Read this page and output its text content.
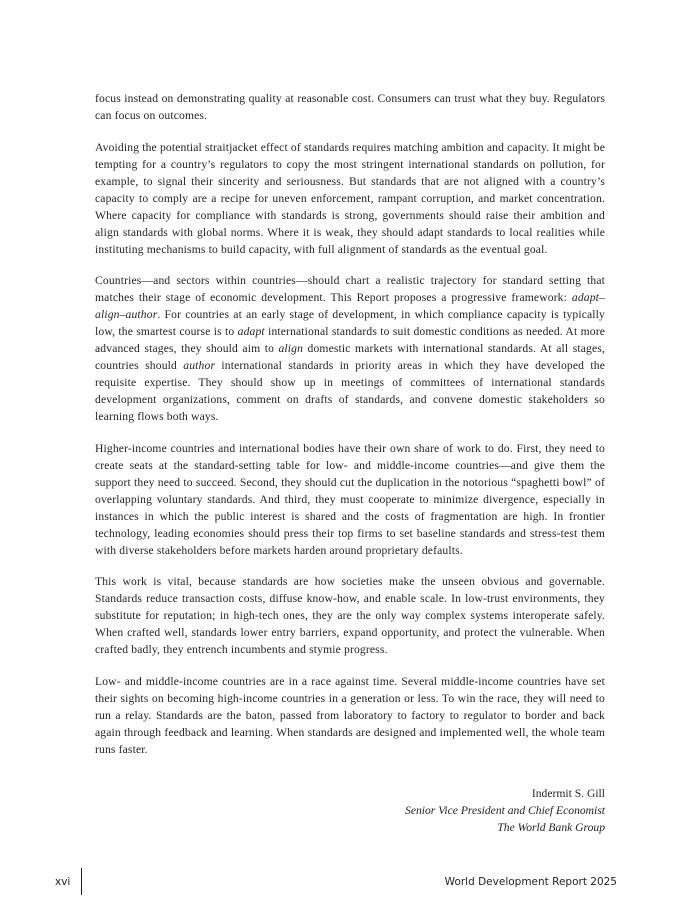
focus instead on demonstrating quality at reasonable cost. Consumers can trust what they buy. Regulators can focus on outcomes.

Avoiding the potential straitjacket effect of standards requires matching ambition and capacity. It might be tempting for a country’s regulators to copy the most stringent international standards on pollution, for example, to signal their sincerity and seriousness. But standards that are not aligned with a country’s capacity to comply are a recipe for uneven enforcement, rampant corruption, and market concentration. Where capacity for compliance with standards is strong, governments should raise their ambition and align standards with global norms. Where it is weak, they should adapt standards to local realities while instituting mechanisms to build capacity, with full alignment of standards as the eventual goal.

Countries—and sectors within countries—should chart a realistic trajectory for standard setting that matches their stage of economic development. This Report proposes a progressive framework: adapt–align–author. For countries at an early stage of development, in which compliance capacity is typically low, the smartest course is to adapt international standards to suit domestic conditions as needed. At more advanced stages, they should aim to align domestic markets with international standards. At all stages, countries should author international standards in priority areas in which they have developed the requisite expertise. They should show up in meetings of committees of international standards development organizations, comment on drafts of standards, and convene domestic stakeholders so learning flows both ways.

Higher-income countries and international bodies have their own share of work to do. First, they need to create seats at the standard-setting table for low- and middle-income countries—and give them the support they need to succeed. Second, they should cut the duplication in the notorious “spaghetti bowl” of overlapping voluntary standards. And third, they must cooperate to minimize divergence, especially in instances in which the public interest is shared and the costs of fragmentation are high. In frontier technology, leading economies should press their top firms to set baseline standards and stress-test them with diverse stakeholders before markets harden around proprietary defaults.

This work is vital, because standards are how societies make the unseen obvious and governable. Standards reduce transaction costs, diffuse know-how, and enable scale. In low-trust environments, they substitute for reputation; in high-tech ones, they are the only way complex systems interoperate safely. When crafted well, standards lower entry barriers, expand opportunity, and protect the vulnerable. When crafted badly, they entrench incumbents and stymie progress.

Low- and middle-income countries are in a race against time. Several middle-income countries have set their sights on becoming high-income countries in a generation or less. To win the race, they will need to run a relay. Standards are the baton, passed from laboratory to factory to regulator to border and back again through feedback and learning. When standards are designed and implemented well, the whole team runs faster.

Indermit S. Gill
Senior Vice President and Chief Economist
The World Bank Group
xvi	World Development Report 2025
